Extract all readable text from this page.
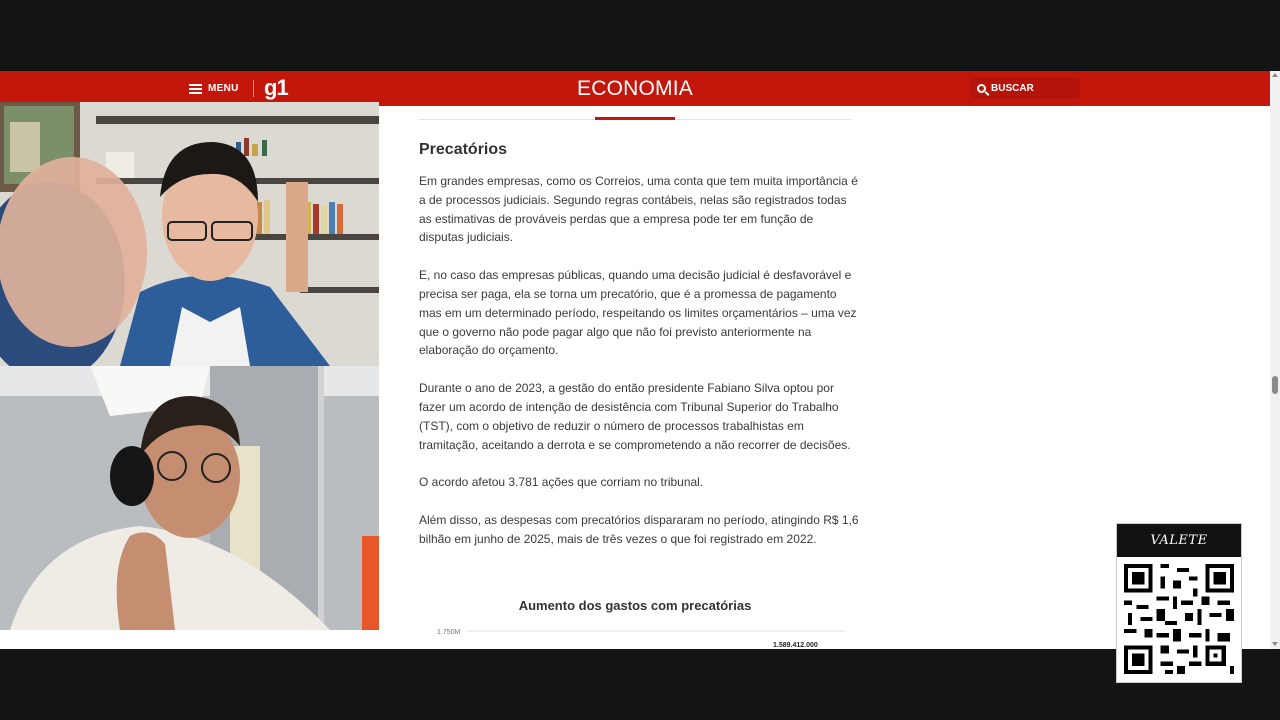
MENU g1	ECONOMIA	BUSCAR
Precatórios

Em grandes empresas, como os Correios, uma conta que tem muita importância é a de processos judiciais. Segundo regras contábeis, nelas são registrados todas as estimativas de prováveis perdas que a empresa pode ter em função de disputas judiciais.

E, no caso das empresas públicas, quando uma decisão judicial é desfavorável e precisa ser paga, ela se torna um precatório, que é a promessa de pagamento mas em um determinado período, respeitando os limites orçamentários – uma vez que o governo não pode pagar algo que não foi previsto anteriormente na elaboração do orçamento.

Durante o ano de 2023, a gestão do então presidente Fabiano Silva optou por fazer um acordo de intenção de desistência com Tribunal Superior do Trabalho (TST), com o objetivo de reduzir o número de processos trabalhistas em tramitação, aceitando a derrota e se comprometendo a não recorrer de decisões.

O acordo afetou 3.781 ações que corriam no tribunal.

Além disso, as despesas com precatórios dispararam no período, atingindo R$ 1,6 bilhão em junho de 2025, mais de três vezes o que foi registrado em 2022.

Aumento dos gastos com precatórias
1.750M
1.589.412.000
VALETE
